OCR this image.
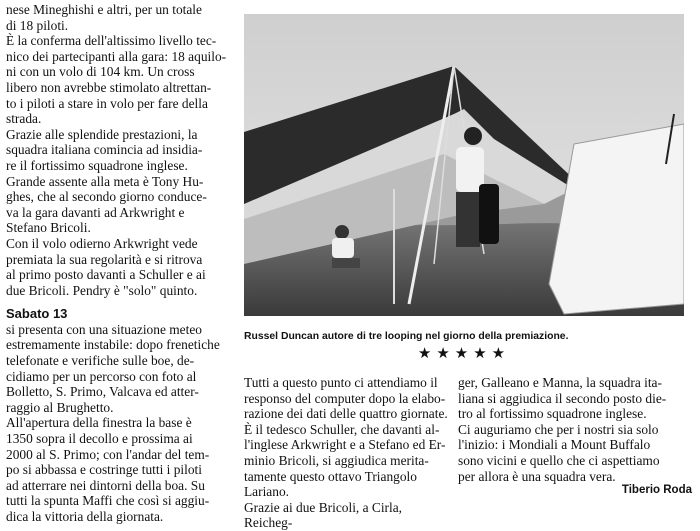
nese Mineghishi e altri, per un totale

di 18 piloti.

È la conferma dell'altissimo livello tec-

nico dei partecipanti alla gara: 18 aquilo-

ni con un volo di 104 km. Un cross

libero non avrebbe stimolato altrettan-

to i piloti a stare in volo per fare della

strada.

Grazie alle splendide prestazioni, la

squadra italiana comincia ad insidia-

re il fortissimo squadrone inglese.

Grande assente alla meta è Tony Hu-

ghes, che al secondo giorno conduce-

va la gara davanti ad Arkwright e

Stefano Bricoli.

Con il volo odierno Arkwright vede

premiata la sua regolarità e si ritrova

al primo posto davanti a Schuller e ai

due Bricoli. Pendry è "solo" quinto.

Sabato 13

si presenta con una situazione meteo

estremamente instabile: dopo frenetiche

telefonate e verifiche sulle boe, de-

cidiamo per un percorso con foto al

Bolletto, S. Primo, Valcava ed atter-

raggio al Brughetto.

All'apertura della finestra la base è

1350 sopra il decollo e prossima ai

2000 al S. Primo; con l'andar del tem-

po si abbassa e costringe tutti i piloti

ad atterrare nei dintorni della boa. Su

tutti la spunta Maffi che così si aggiu-

dica la vittoria della giornata.

Russel Duncan autore di tre looping nel giorno della premiazione.

★★★★★

Tutti a questo punto ci attendiamo il

responso del computer dopo la elabo-

razione dei dati delle quattro giornate.

È il tedesco Schuller, che davanti al-

l'inglese Arkwright e a Stefano ed Er-

minio Bricoli, si aggiudica merita-

tamente questo ottavo Triangolo

Lariano.

Grazie ai due Bricoli, a Cirla, Reicheg-

ger, Galleano e Manna, la squadra ita-

liana si aggiudica il secondo posto die-

tro al fortissimo squadrone inglese.

Ci auguriamo che per i nostri sia solo

l'inizio: i Mondiali a Mount Buffalo

sono vicini e quello che ci aspettiamo

per allora è una squadra vera.

Tiberio Roda
